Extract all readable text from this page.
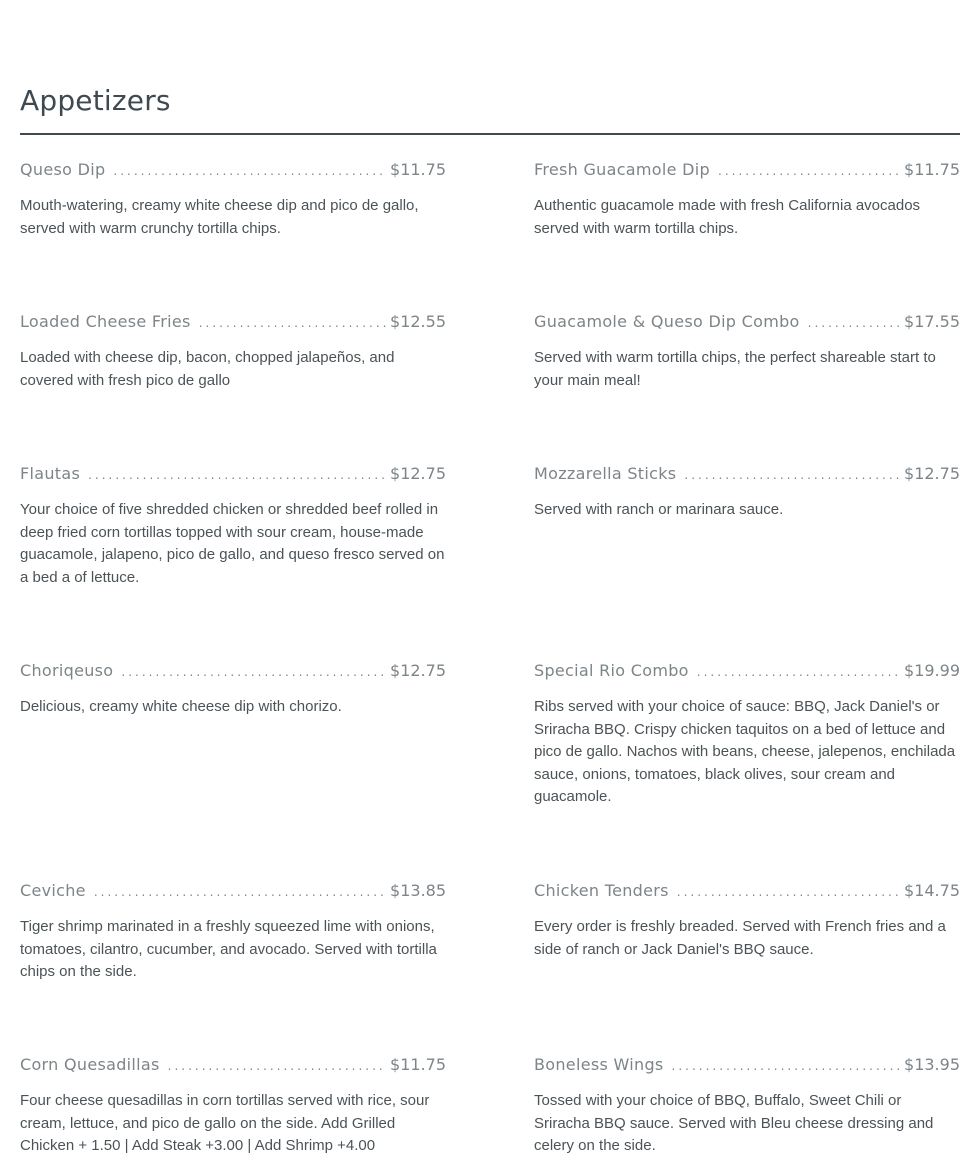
Appetizers
Queso Dip .....	$11.75

Mouth-watering, creamy white cheese dip and pico de gallo, served with warm crunchy tortilla chips.

Fresh Guacamole Dip .....	$11.75

Authentic guacamole made with fresh California avocados served with warm tortilla chips.

Loaded Cheese Fries .....	$12.55

Loaded with cheese dip, bacon, chopped jalapeños, and covered with fresh pico de gallo

Guacamole & Queso Dip Combo .....	$17.55

Served with warm tortilla chips, the perfect shareable start to your main meal!

Flautas .....	$12.75

Your choice of five shredded chicken or shredded beef rolled in deep fried corn tortillas topped with sour cream, house-made guacamole, jalapeno, pico de gallo, and queso fresco served on a bed a of lettuce.

Mozzarella Sticks .....	$12.75

Served with ranch or marinara sauce.

Choriqeuso .....	$12.75

Delicious, creamy white cheese dip with chorizo.

Special Rio Combo .....	$19.99

Ribs served with your choice of sauce: BBQ, Jack Daniel's or Sriracha BBQ. Crispy chicken taquitos on a bed of lettuce and pico de gallo. Nachos with beans, cheese, jalepenos, enchilada sauce, onions, tomatoes, black olives, sour cream and guacamole.

Ceviche .....	$13.85

Tiger shrimp marinated in a freshly squeezed lime with onions, tomatoes, cilantro, cucumber, and avocado. Served with tortilla chips on the side.

Chicken Tenders .....	$14.75

Every order is freshly breaded. Served with French fries and a side of ranch or Jack Daniel's BBQ sauce.

Corn Quesadillas .....	$11.75

Four cheese quesadillas in corn tortillas served with rice, sour cream, lettuce, and pico de gallo on the side. Add Grilled Chicken + 1.50 | Add Steak +3.00 | Add Shrimp +4.00

Boneless Wings .....	$13.95

Tossed with your choice of BBQ, Buffalo, Sweet Chili or Sriracha BBQ sauce. Served with Bleu cheese dressing and celery on the side.
